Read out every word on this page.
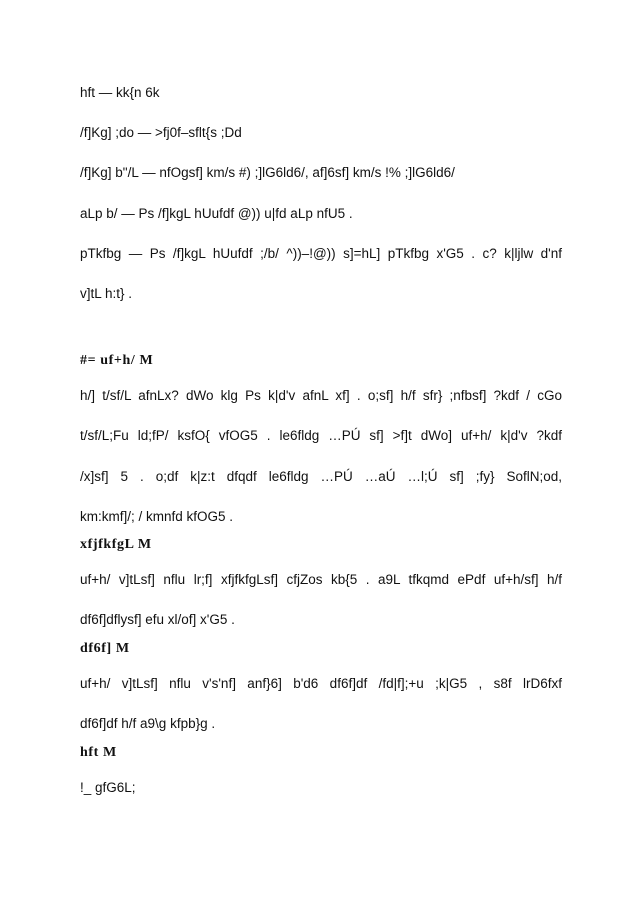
hft — kk{n 6k
/f]Kg] ;do — >fj0f–sflt{s ;Dd
/f]Kg] b"/L — nfOgsf] km/s #) ;]lG6ld6/, af]6sf] km/s !% ;]lG6ld6/
aLp b/ — Ps /f]kgL hUufdf @)) u|fd aLp nfU5 .
pTkfbg — Ps /f]kgL hUufdf ;/b/ ^))–!@)) s]=hL] pTkfbg x'G5 . c? k|ljlw d'nf
v]tL h:t} .
#= uf+h/ M
h/] t/sf/L afnLx? dWo klg Ps k|d'v afnL xf] . o;sf] h/f sfr} ;nfbsf] ?kdf / cGo
t/sf/L;Fu ld;fP/ ksfO{ vfOG5 . le6fldg …PÚ sf] >f]t dWo] uf+h/ k|d'v ?kdf
/x]sf] 5 . o;df k|z:t dfqdf le6fldg …PÚ …aÚ …l;Ú sf] ;fy} SoflN;od,
km:kmf]/; / kmnfd kfOG5 .
xfjfkfgL M
uf+h/ v]tLsf] nflu lr;f] xfjfkfgLsf] cfjZos kb{5 . a9L tfkqmd ePdf uf+h/sf] h/f
df6f]dflysf] efu xl/of] x'G5 .
df6f] M
uf+h/ v]tLsf] nflu v's'nf] anf}6] b'd6 df6f]df /fd|f];+u ;k|G5 , s8f lrD6fxf
df6f]df h/f a9\g kfpb}g .
hft M
!_ gfG6L;
